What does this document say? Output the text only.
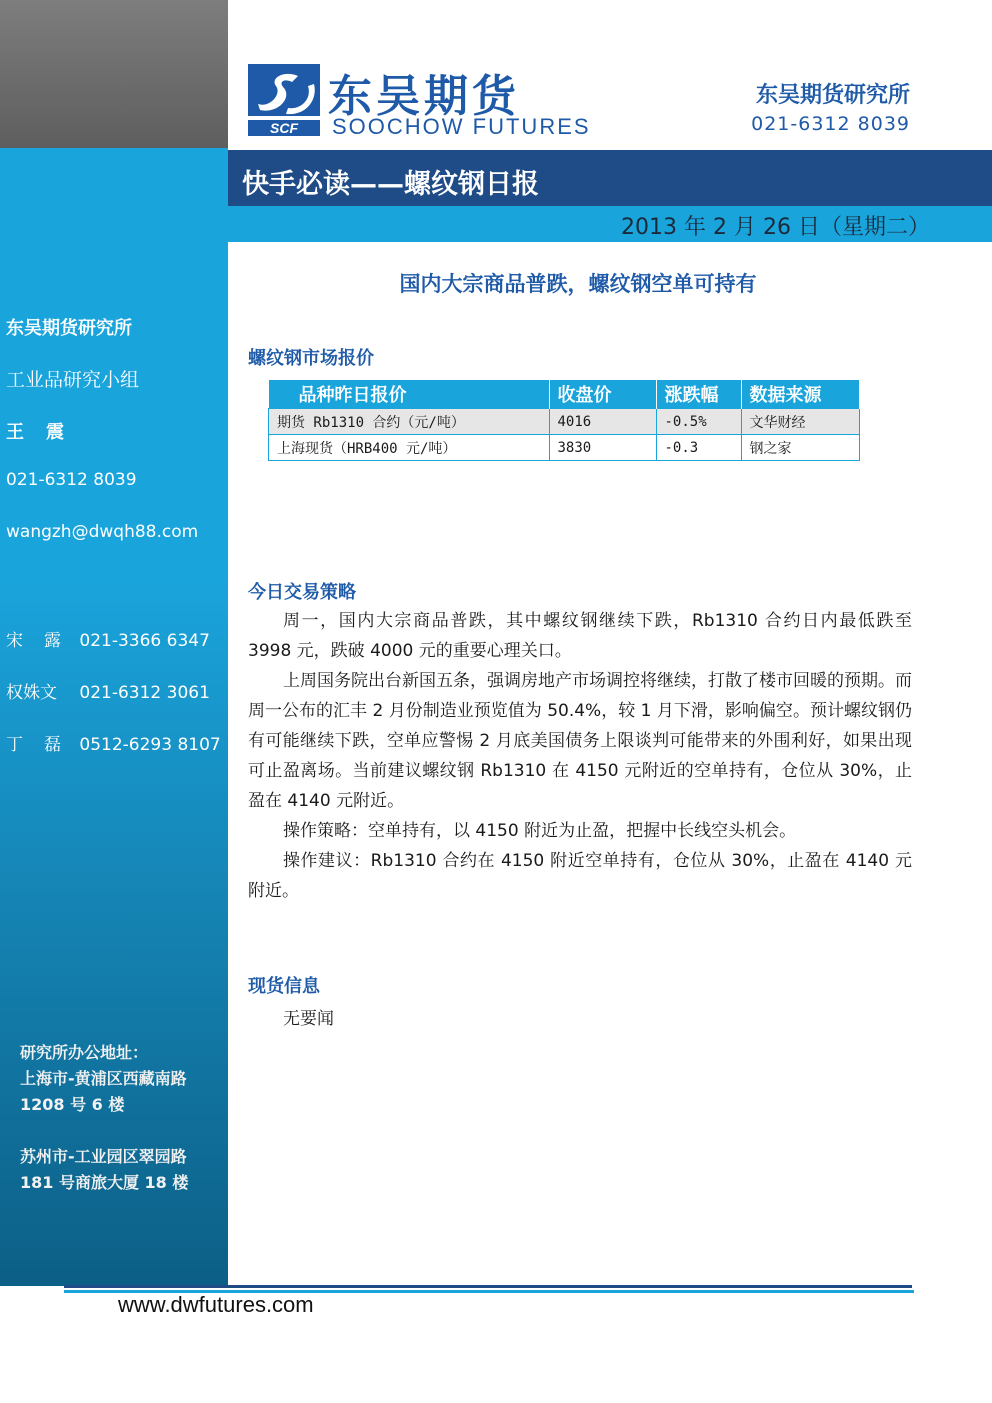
东吴期货研究所
工业品研究小组
王　震
021-6312 8039
wangzh@dwqh88.com
宋　露 021-3366 6347
权姝文 021-6312 3061
丁　磊 0512-6293 8107
研究所办公地址：
上海市-黄浦区西藏南路
1208 号 6 楼
苏州市-工业园区翠园路
181 号商旅大厦 18 楼
SCF
东吴期货
SOOCHOW FUTURES
东吴期货研究所
021-6312 8039
快手必读——螺纹钢日报
2013 年 2 月 26 日（星期二）
国内大宗商品普跌，螺纹钢空单可持有
螺纹钢市场报价
品种昨日报价	收盘价	涨跌幅	数据来源
期货 Rb1310 合约（元/吨）	4016	-0.5%	文华财经
上海现货（HRB400 元/吨）	3830	-0.3	钢之家
今日交易策略

周一，国内大宗商品普跌，其中螺纹钢继续下跌，Rb1310 合约日内最低跌至 3998 元，跌破 4000 元的重要心理关口。

上周国务院出台新国五条，强调房地产市场调控将继续，打散了楼市回暖的预期。而周一公布的汇丰 2 月份制造业预览值为 50.4%，较 1 月下滑，影响偏空。预计螺纹钢仍有可能继续下跌，空单应警惕 2 月底美国债务上限谈判可能带来的外围利好，如果出现可止盈离场。当前建议螺纹钢 Rb1310 在 4150 元附近的空单持有，仓位从 30%，止盈在 4140 元附近。

操作策略：空单持有，以 4150 附近为止盈，把握中长线空头机会。

操作建议：Rb1310 合约在 4150 附近空单持有，仓位从 30%，止盈在 4140 元附近。

现货信息
无要闻
www.dwfutures.com
